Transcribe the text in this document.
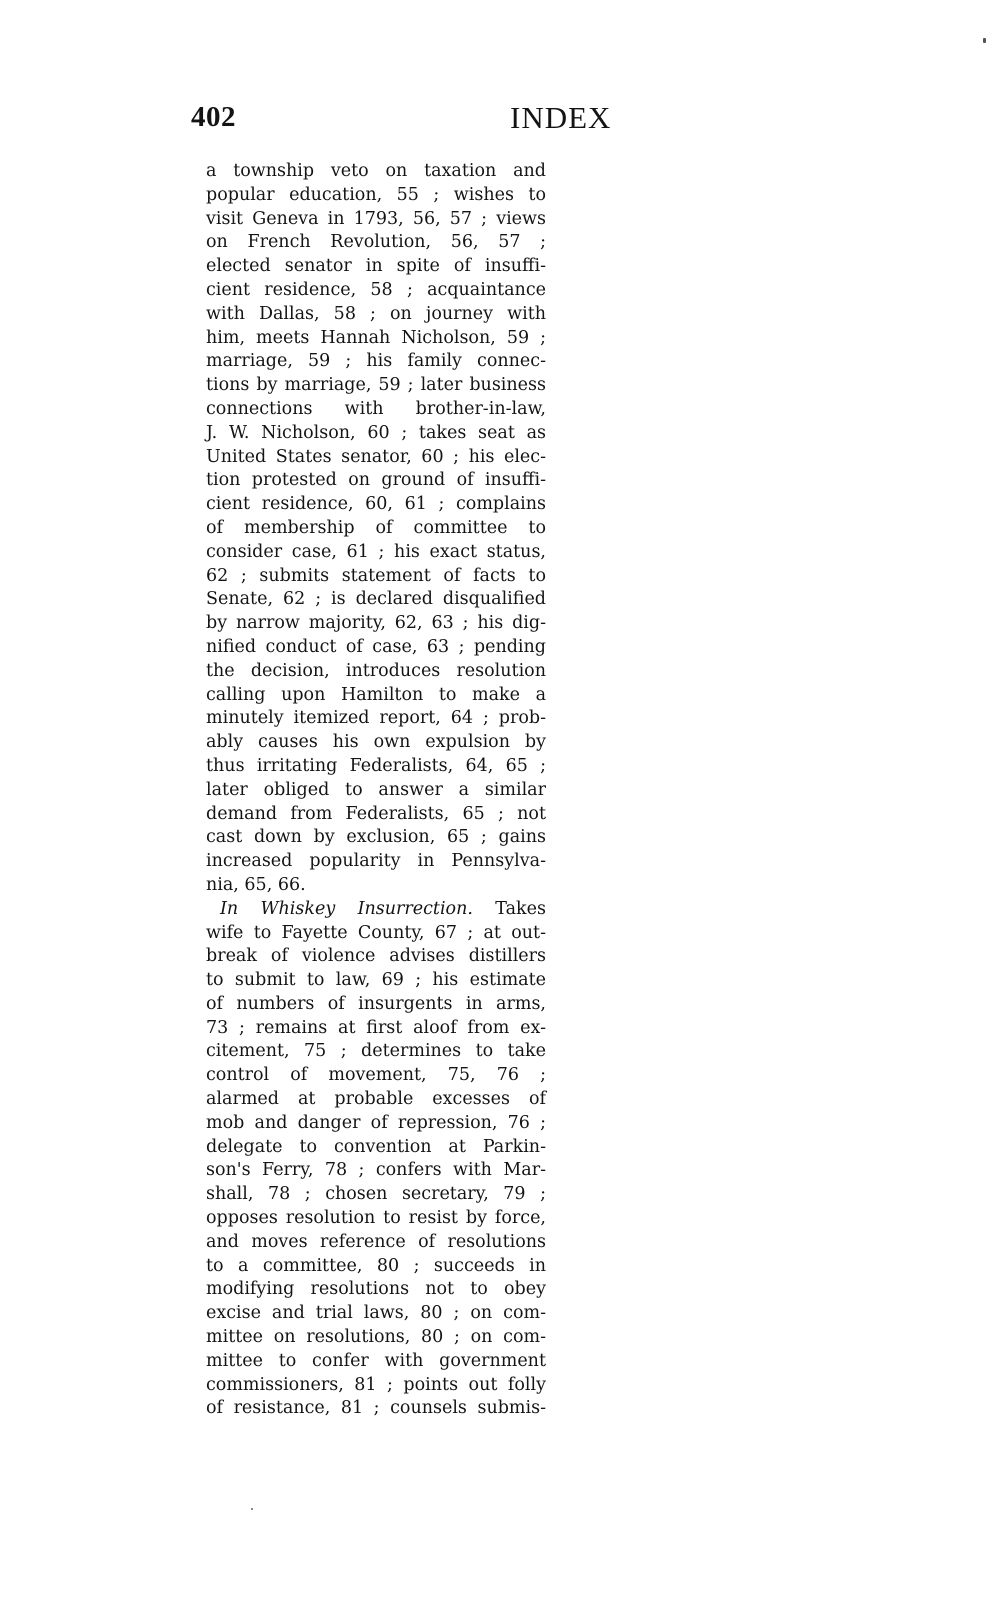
402	INDEX
a township veto on taxation and
popular education, 55 ; wishes to
visit Geneva in 1793, 56, 57 ; views
on French Revolution, 56, 57 ;
elected senator in spite of insuffi-
cient residence, 58 ; acquaintance
with Dallas, 58 ; on journey with
him, meets Hannah Nicholson, 59 ;
marriage, 59 ; his family connec-
tions by marriage, 59 ; later business
connections with brother-in-law,
J. W. Nicholson, 60 ; takes seat as
United States senator, 60 ; his elec-
tion protested on ground of insuffi-
cient residence, 60, 61 ; complains
of membership of committee to
consider case, 61 ; his exact status,
62 ; submits statement of facts to
Senate, 62 ; is declared disqualified
by narrow majority, 62, 63 ; his dig-
nified conduct of case, 63 ; pending
the decision, introduces resolution
calling upon Hamilton to make a
minutely itemized report, 64 ; prob-
ably causes his own expulsion by
thus irritating Federalists, 64, 65 ;
later obliged to answer a similar
demand from Federalists, 65 ; not
cast down by exclusion, 65 ; gains
increased popularity in Pennsylva-
nia, 65, 66.
In Whiskey Insurrection. Takes
wife to Fayette County, 67 ; at out-
break of violence advises distillers
to submit to law, 69 ; his estimate
of numbers of insurgents in arms,
73 ; remains at first aloof from ex-
citement, 75 ; determines to take
control of movement, 75, 76 ;
alarmed at probable excesses of
mob and danger of repression, 76 ;
delegate to convention at Parkin-
son's Ferry, 78 ; confers with Mar-
shall, 78 ; chosen secretary, 79 ;
opposes resolution to resist by force,
and moves reference of resolutions
to a committee, 80 ; succeeds in
modifying resolutions not to obey
excise and trial laws, 80 ; on com-
mittee on resolutions, 80 ; on com-
mittee to confer with government
commissioners, 81 ; points out folly
of resistance, 81 ; counsels submis-
